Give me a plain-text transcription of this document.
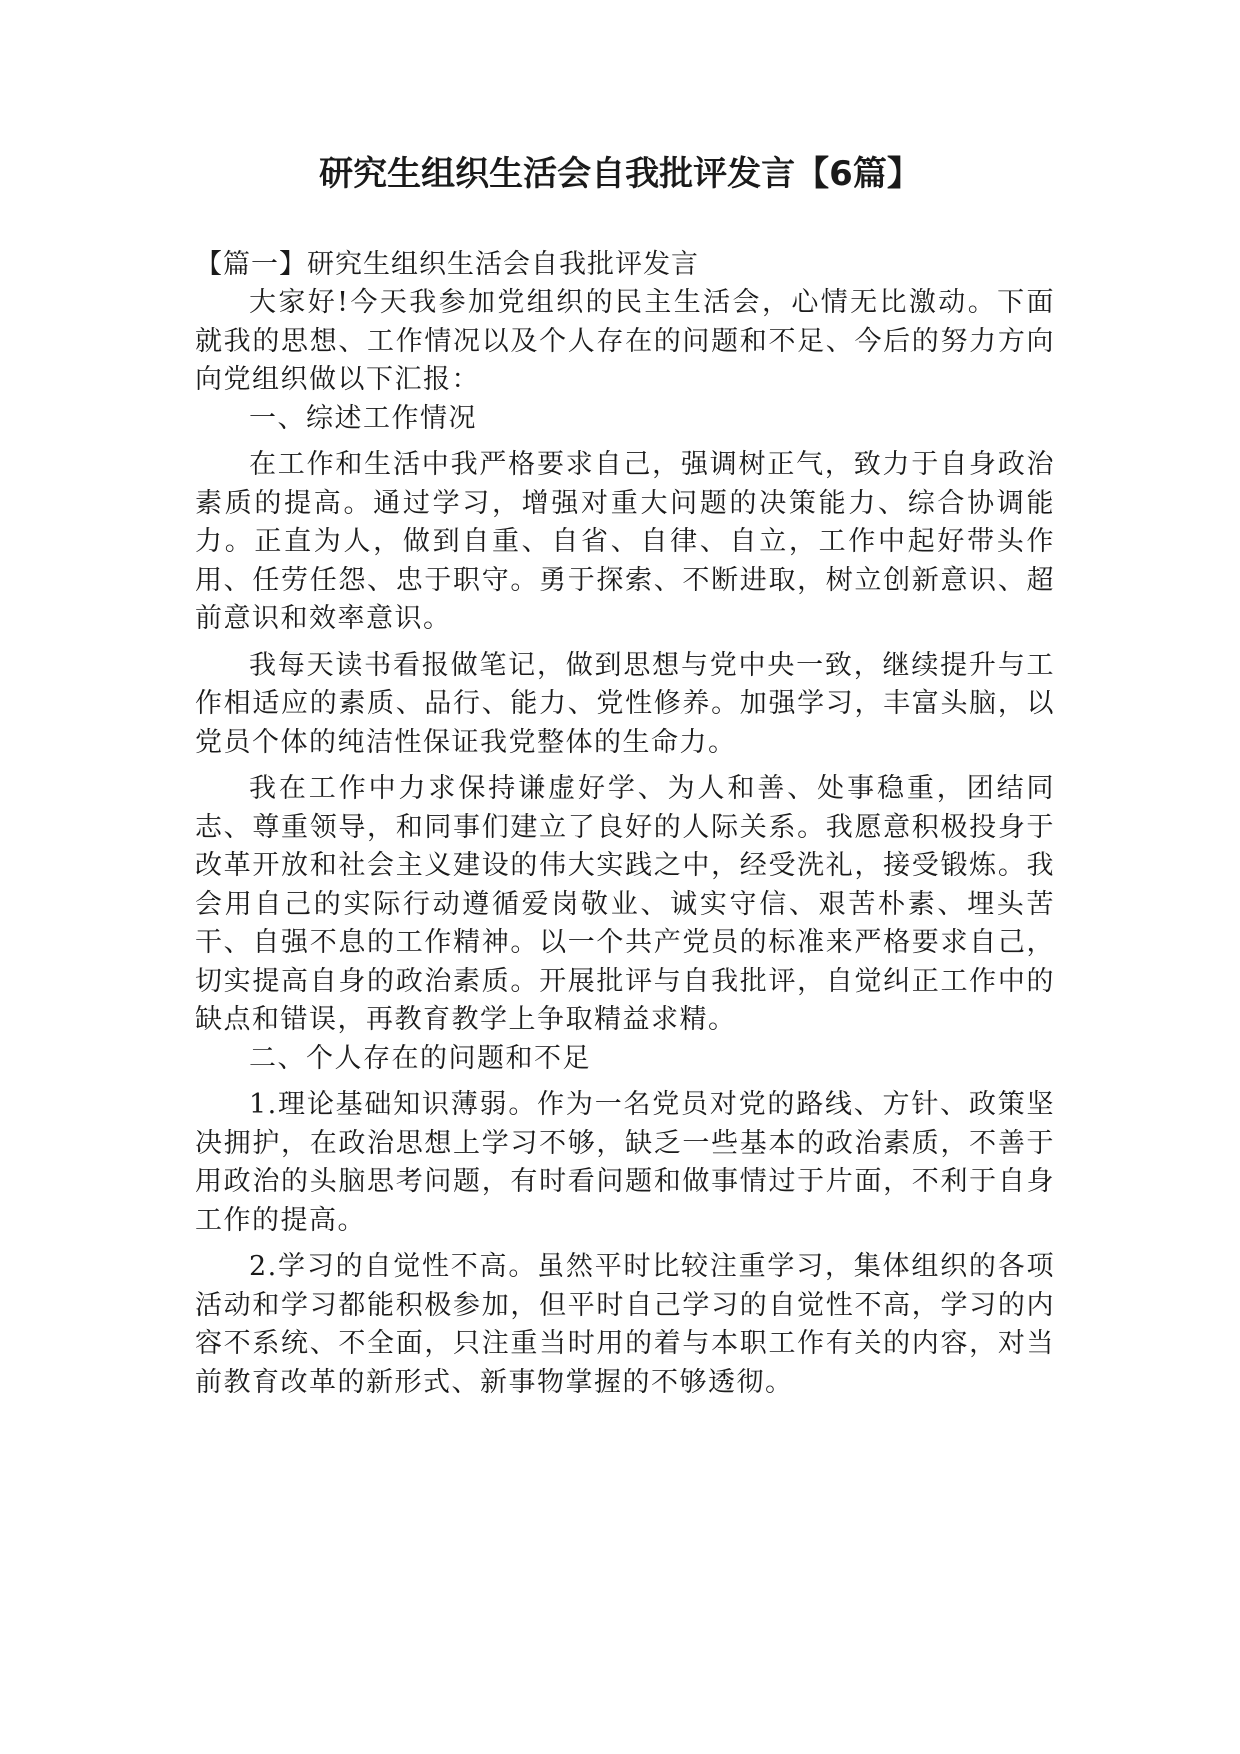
研究生组织生活会自我批评发言【6篇】

【篇一】研究生组织生活会自我批评发言

大家好!今天我参加党组织的民主生活会，心情无比激动。下面就我的思想、工作情况以及个人存在的问题和不足、今后的努力方向向党组织做以下汇报：

一、综述工作情况

在工作和生活中我严格要求自己，强调树正气，致力于自身政治素质的提高。通过学习，增强对重大问题的决策能力、综合协调能力。正直为人，做到自重、自省、自律、自立，工作中起好带头作用、任劳任怨、忠于职守。勇于探索、不断进取，树立创新意识、超前意识和效率意识。

我每天读书看报做笔记，做到思想与党中央一致，继续提升与工作相适应的素质、品行、能力、党性修养。加强学习，丰富头脑，以党员个体的纯洁性保证我党整体的生命力。

我在工作中力求保持谦虚好学、为人和善、处事稳重，团结同志、尊重领导，和同事们建立了良好的人际关系。我愿意积极投身于改革开放和社会主义建设的伟大实践之中，经受洗礼，接受锻炼。我会用自己的实际行动遵循爱岗敬业、诚实守信、艰苦朴素、埋头苦干、自强不息的工作精神。以一个共产党员的标准来严格要求自己，切实提高自身的政治素质。开展批评与自我批评，自觉纠正工作中的缺点和错误，再教育教学上争取精益求精。

二、个人存在的问题和不足

1.理论基础知识薄弱。作为一名党员对党的路线、方针、政策坚决拥护，在政治思想上学习不够，缺乏一些基本的政治素质，不善于用政治的头脑思考问题，有时看问题和做事情过于片面，不利于自身工作的提高。

2.学习的自觉性不高。虽然平时比较注重学习，集体组织的各项活动和学习都能积极参加，但平时自己学习的自觉性不高，学习的内容不系统、不全面，只注重当时用的着与本职工作有关的内容，对当前教育改革的新形式、新事物掌握的不够透彻。
